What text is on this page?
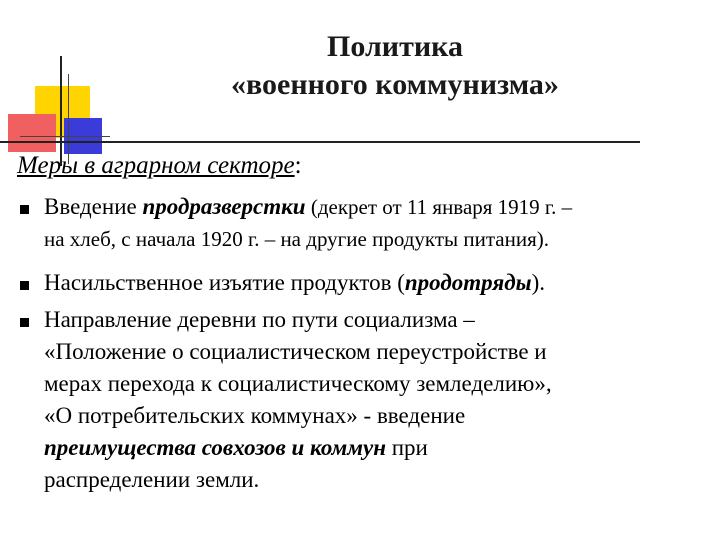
Политика
«военного коммунизма»
Меры в аграрном секторе:
Введение продразверстки (декрет от 11 января 1919 г. –
на хлеб, с начала 1920 г. – на другие продукты питания).
Насильственное изъятие продуктов (продотряды).
Направление деревни по пути социализма –
«Положение о социалистическом переустройстве и
мерах перехода к социалистическому земледелию»,
«О потребительских коммунах» - введение
преимущества совхозов и коммун при
распределении земли.
